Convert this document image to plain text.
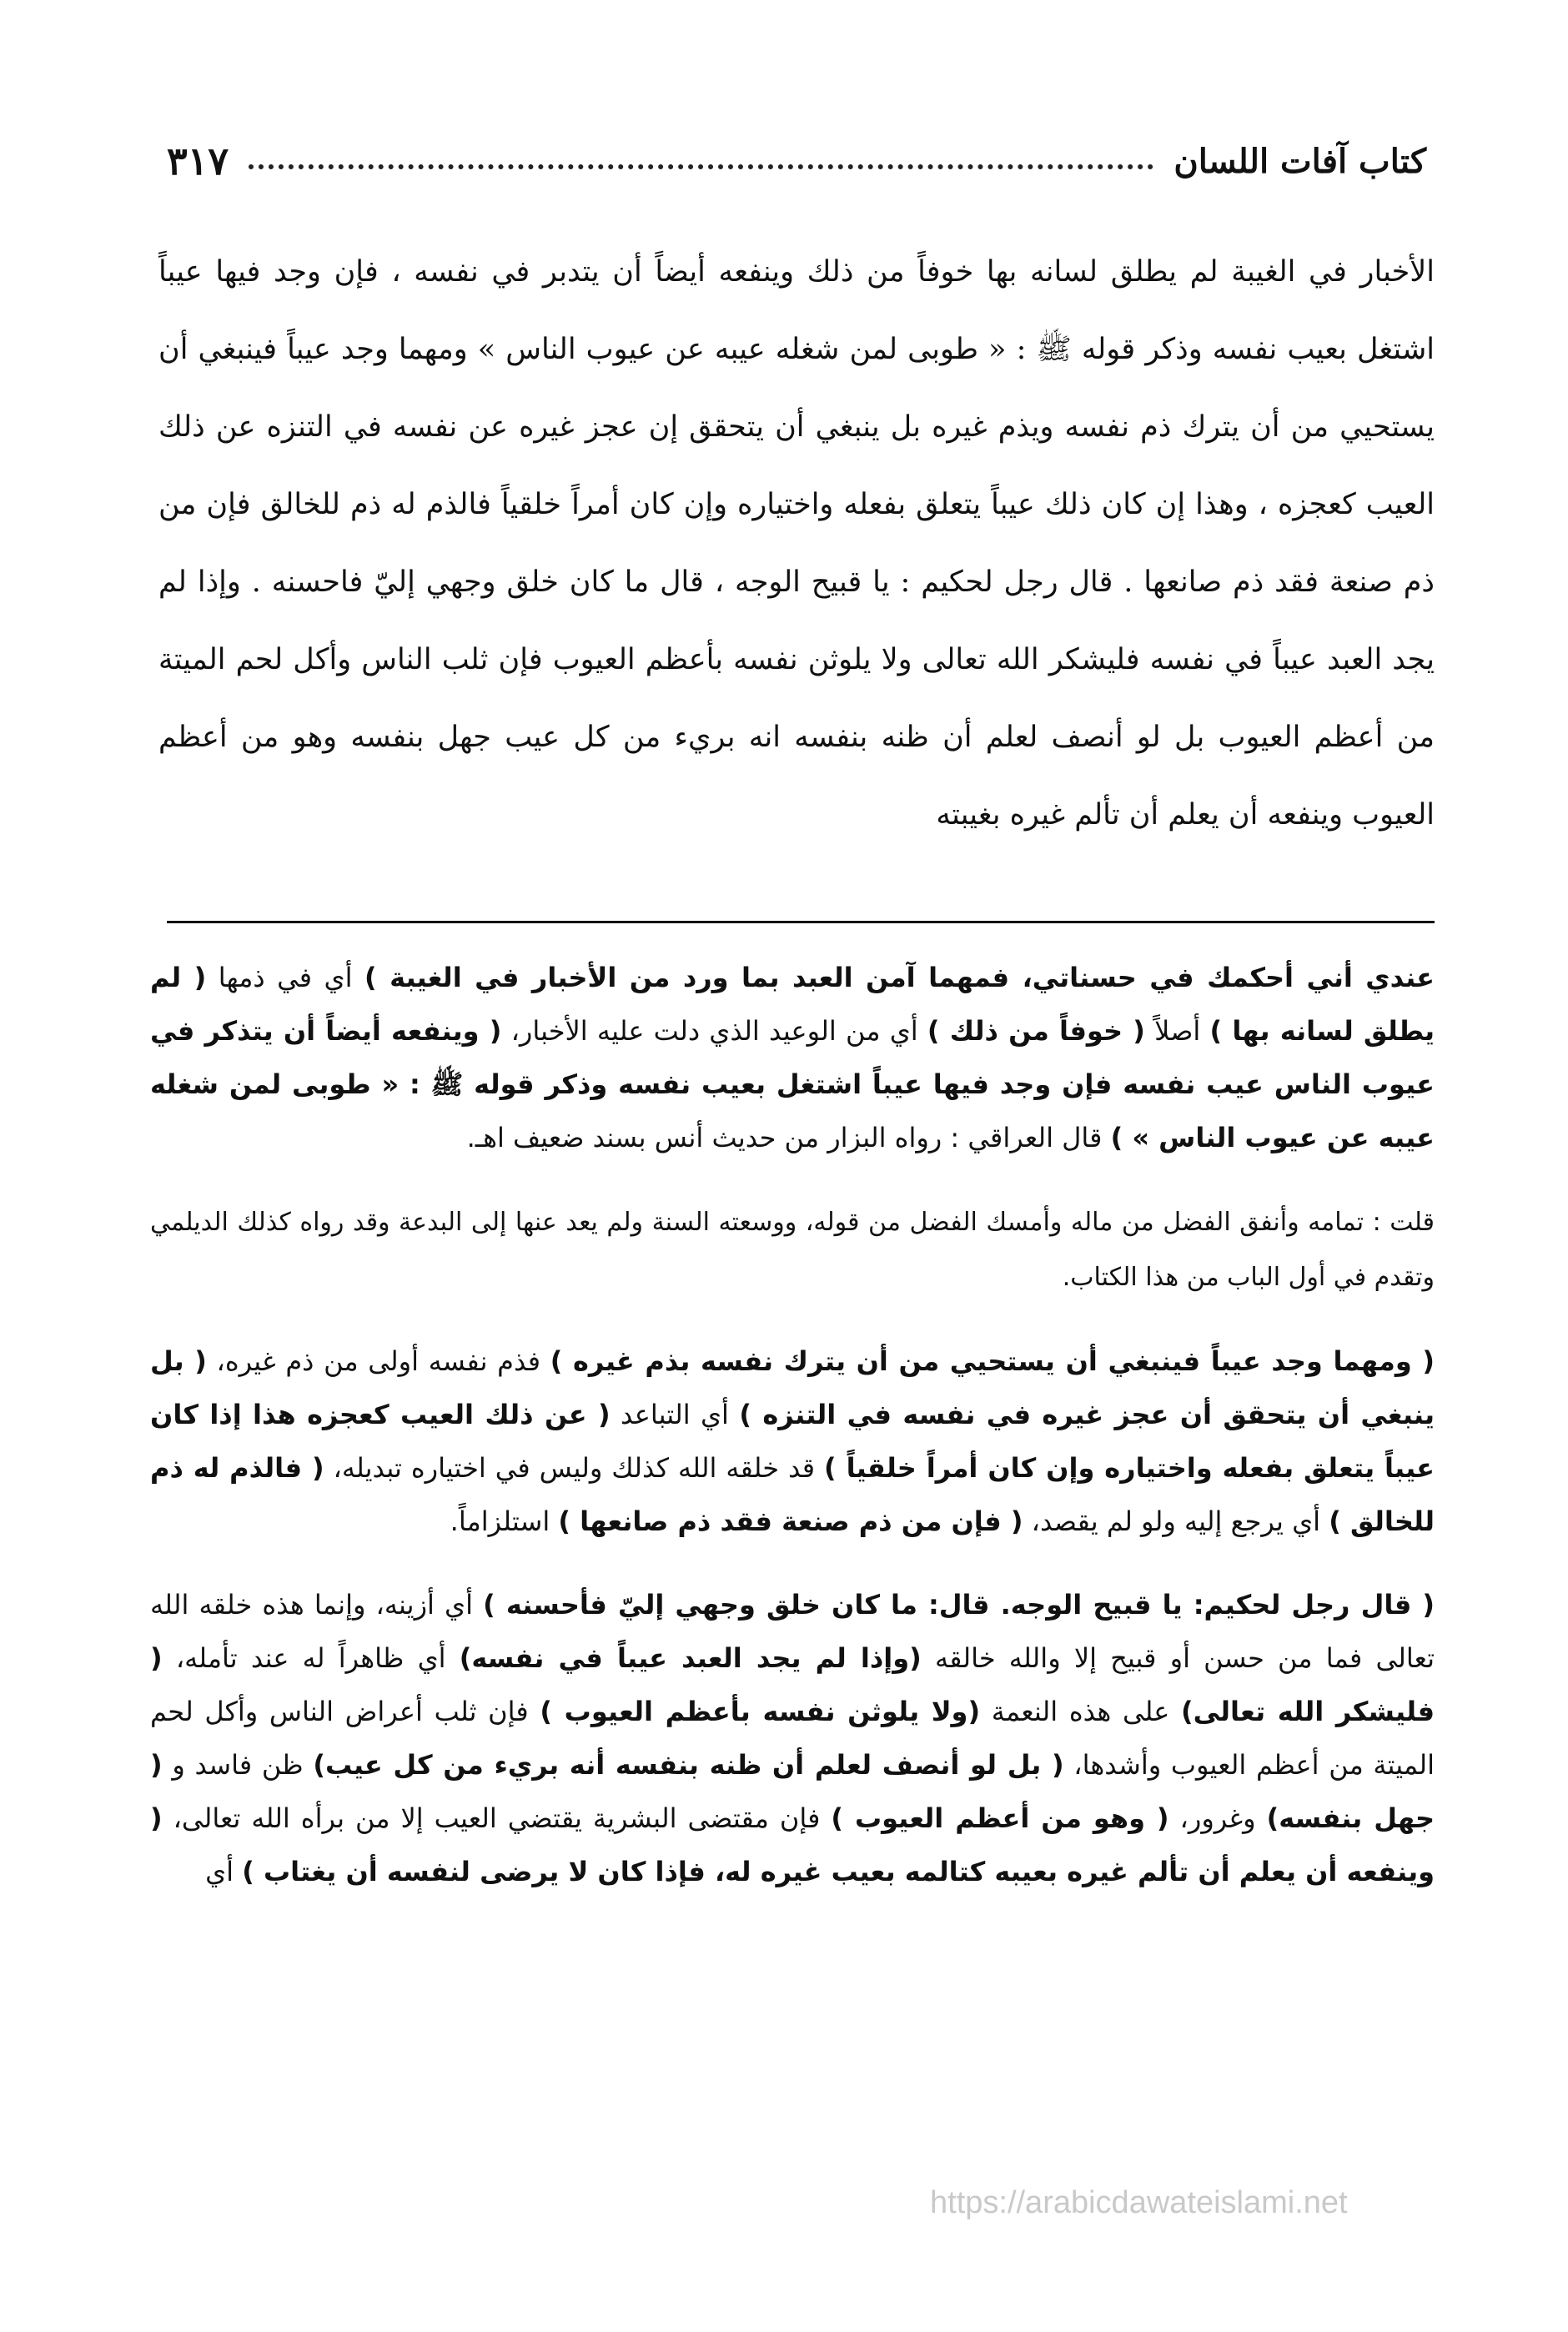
كتاب آفات اللسان
٣١٧

الأخبار في الغيبة لم يطلق لسانه بها خوفاً من ذلك وينفعه أيضاً أن يتدبر في نفسه ، فإن وجد فيها عيباً اشتغل بعيب نفسه وذكر قوله ﷺ : « طوبى لمن شغله عيبه عن عيوب الناس » ومهما وجد عيباً فينبغي أن يستحيي من أن يترك ذم نفسه ويذم غيره بل ينبغي أن يتحقق إن عجز غيره عن نفسه في التنزه عن ذلك العيب كعجزه ، وهذا إن كان ذلك عيباً يتعلق بفعله واختياره وإن كان أمراً خلقياً فالذم له ذم للخالق فإن من ذم صنعة فقد ذم صانعها . قال رجل لحكيم : يا قبيح الوجه ، قال ما كان خلق وجهي إليّ فاحسنه . وإذا لم يجد العبد عيباً في نفسه فليشكر الله تعالى ولا يلوثن نفسه بأعظم العيوب فإن ثلب الناس وأكل لحم الميتة من أعظم العيوب بل لو أنصف لعلم أن ظنه بنفسه انه بريء من كل عيب جهل بنفسه وهو من أعظم العيوب وينفعه أن يعلم أن تألم غيره بغيبته

عندي أني أحكمك في حسناتي، فمهما آمن العبد بما ورد من الأخبار في الغيبة ) أي في ذمها ( لم يطلق لسانه بها ) أصلاً ( خوفاً من ذلك ) أي من الوعيد الذي دلت عليه الأخبار، ( وينفعه أيضاً أن يتذكر في عيوب الناس عيب نفسه فإن وجد فيها عيباً اشتغل بعيب نفسه وذكر قوله ﷺ : « طوبى لمن شغله عيبه عن عيوب الناس » ) قال العراقي : رواه البزار من حديث أنس بسند ضعيف اهـ.

قلت : تمامه وأنفق الفضل من ماله وأمسك الفضل من قوله، ووسعته السنة ولم يعد عنها إلى البدعة وقد رواه كذلك الديلمي وتقدم في أول الباب من هذا الكتاب.

( ومهما وجد عيباً فينبغي أن يستحيي من أن يترك نفسه بذم غيره ) فذم نفسه أولى من ذم غيره، ( بل ينبغي أن يتحقق أن عجز غيره في نفسه في التنزه ) أي التباعد ( عن ذلك العيب كعجزه هذا إذا كان عيباً يتعلق بفعله واختياره وإن كان أمراً خلقياً ) قد خلقه الله كذلك وليس في اختياره تبديله، ( فالذم له ذم للخالق ) أي يرجع إليه ولو لم يقصد، ( فإن من ذم صنعة فقد ذم صانعها ) استلزاماً.

( قال رجل لحكيم: يا قبيح الوجه. قال: ما كان خلق وجهي إليّ فأحسنه ) أي أزينه، وإنما هذه خلقه الله تعالى فما من حسن أو قبيح إلا والله خالقه (وإذا لم يجد العبد عيباً في نفسه) أي ظاهراً له عند تأمله، ( فليشكر الله تعالى) على هذه النعمة (ولا يلوثن نفسه بأعظم العيوب ) فإن ثلب أعراض الناس وأكل لحم الميتة من أعظم العيوب وأشدها، ( بل لو أنصف لعلم أن ظنه بنفسه أنه بريء من كل عيب) ظن فاسد و ( جهل بنفسه) وغرور، ( وهو من أعظم العيوب ) فإن مقتضى البشرية يقتضي العيب إلا من برأه الله تعالى، ( وينفعه أن يعلم أن تألم غيره بعيبه كتالمه بعيب غيره له، فإذا كان لا يرضى لنفسه أن يغتاب ) أي

https://arabicdawateislami.net
